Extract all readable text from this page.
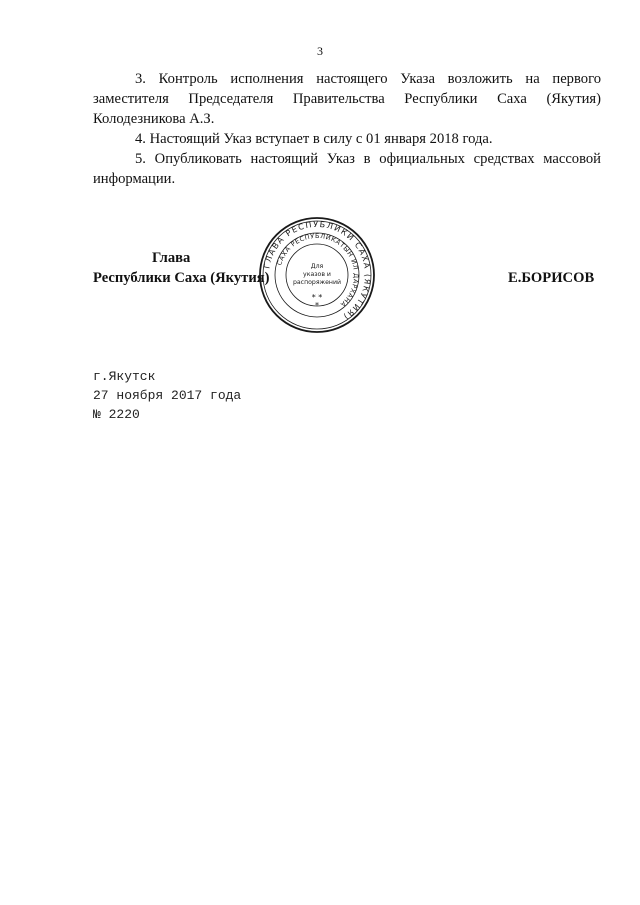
3

3. Контроль исполнения настоящего Указа возложить на первого заместителя Председателя Правительства Республики Саха (Якутия) Колодезникова А.З.

4. Настоящий Указ вступает в силу с 01 января 2018 года.

5. Опубликовать настоящий Указ в официальных средствах массовой информации.

Глава
Республики Саха (Якутия)	Е.БОРИСОВ
ГЛАВА РЕСПУБЛИКИ САХА (ЯКУТИЯ)
САХА РЕСПУБЛИКАТЫН ИЛ ДАРХАНА
Для
указов и
распоряжений
* *
*
г.Якутск
27 ноября 2017 года
№ 2220
